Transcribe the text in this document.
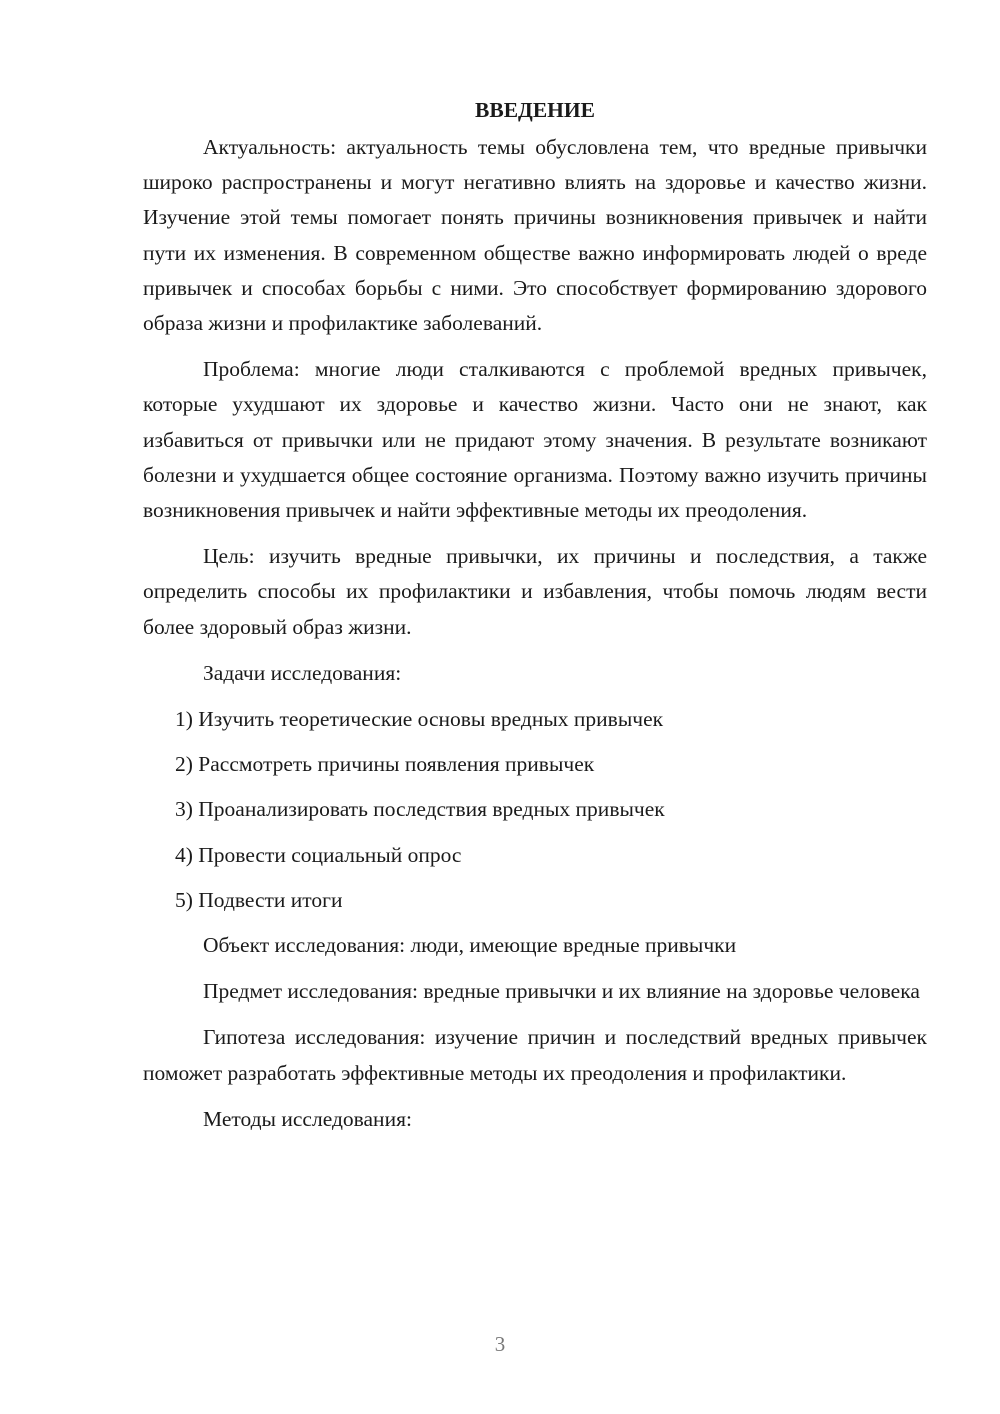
ВВЕДЕНИЕ
Актуальность: актуальность темы обусловлена тем, что вредные привычки широко распространены и могут негативно влиять на здоровье и качество жизни. Изучение этой темы помогает понять причины возникновения привычек и найти пути их изменения. В современном обществе важно информировать людей о вреде привычек и способах борьбы с ними. Это способствует формированию здорового образа жизни и профилактике заболеваний.
Проблема: многие люди сталкиваются с проблемой вредных привычек, которые ухудшают их здоровье и качество жизни. Часто они не знают, как избавиться от привычки или не придают этому значения. В результате возникают болезни и ухудшается общее состояние организма. Поэтому важно изучить причины возникновения привычек и найти эффективные методы их преодоления.
Цель: изучить вредные привычки, их причины и последствия, а также определить способы их профилактики и избавления, чтобы помочь людям вести более здоровый образ жизни.
Задачи исследования:
1) Изучить теоретические основы вредных привычек
2) Рассмотреть причины появления привычек
3) Проанализировать последствия вредных привычек
4) Провести социальный опрос
5) Подвести итоги
Объект исследования: люди, имеющие вредные привычки
Предмет исследования: вредные привычки и их влияние на здоровье человека
Гипотеза исследования: изучение причин и последствий вредных привычек поможет разработать эффективные методы их преодоления и профилактики.
Методы исследования:
3
